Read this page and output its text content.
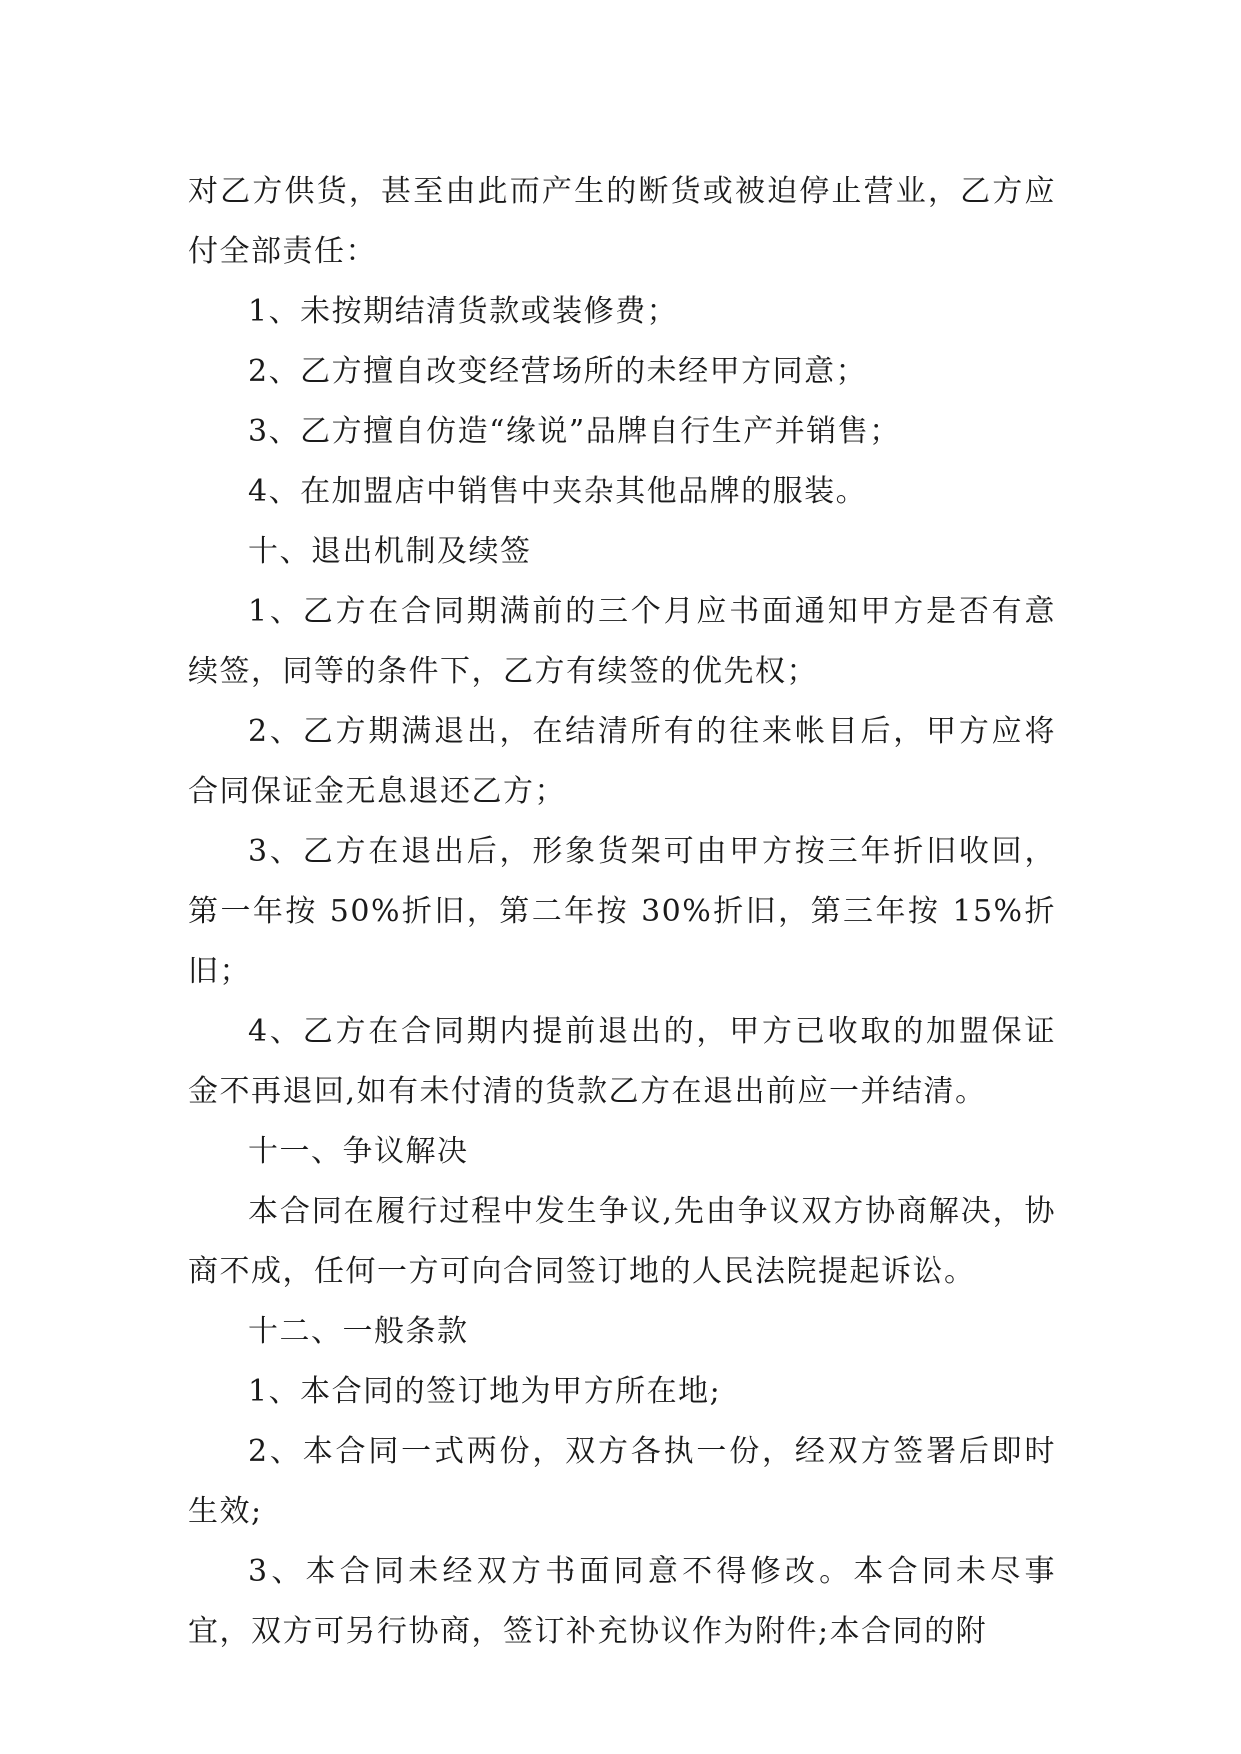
对乙方供货，甚至由此而产生的断货或被迫停止营业，乙方应付全部责任：

1、未按期结清货款或装修费；

2、乙方擅自改变经营场所的未经甲方同意；

3、乙方擅自仿造“缘说”品牌自行生产并销售；

4、在加盟店中销售中夹杂其他品牌的服装。

十、退出机制及续签

1、乙方在合同期满前的三个月应书面通知甲方是否有意续签，同等的条件下，乙方有续签的优先权；

2、乙方期满退出，在结清所有的往来帐目后，甲方应将合同保证金无息退还乙方；

3、乙方在退出后，形象货架可由甲方按三年折旧收回，第一年按 50%折旧，第二年按 30%折旧，第三年按 15%折旧；

4、乙方在合同期内提前退出的，甲方已收取的加盟保证金不再退回,如有未付清的货款乙方在退出前应一并结清。

十一、争议解决

本合同在履行过程中发生争议,先由争议双方协商解决，协商不成，任何一方可向合同签订地的人民法院提起诉讼。

十二、一般条款

1、本合同的签订地为甲方所在地;

2、本合同一式两份，双方各执一份，经双方签署后即时生效;

3、本合同未经双方书面同意不得修改。本合同未尽事宜，双方可另行协商，签订补充协议作为附件;本合同的附
